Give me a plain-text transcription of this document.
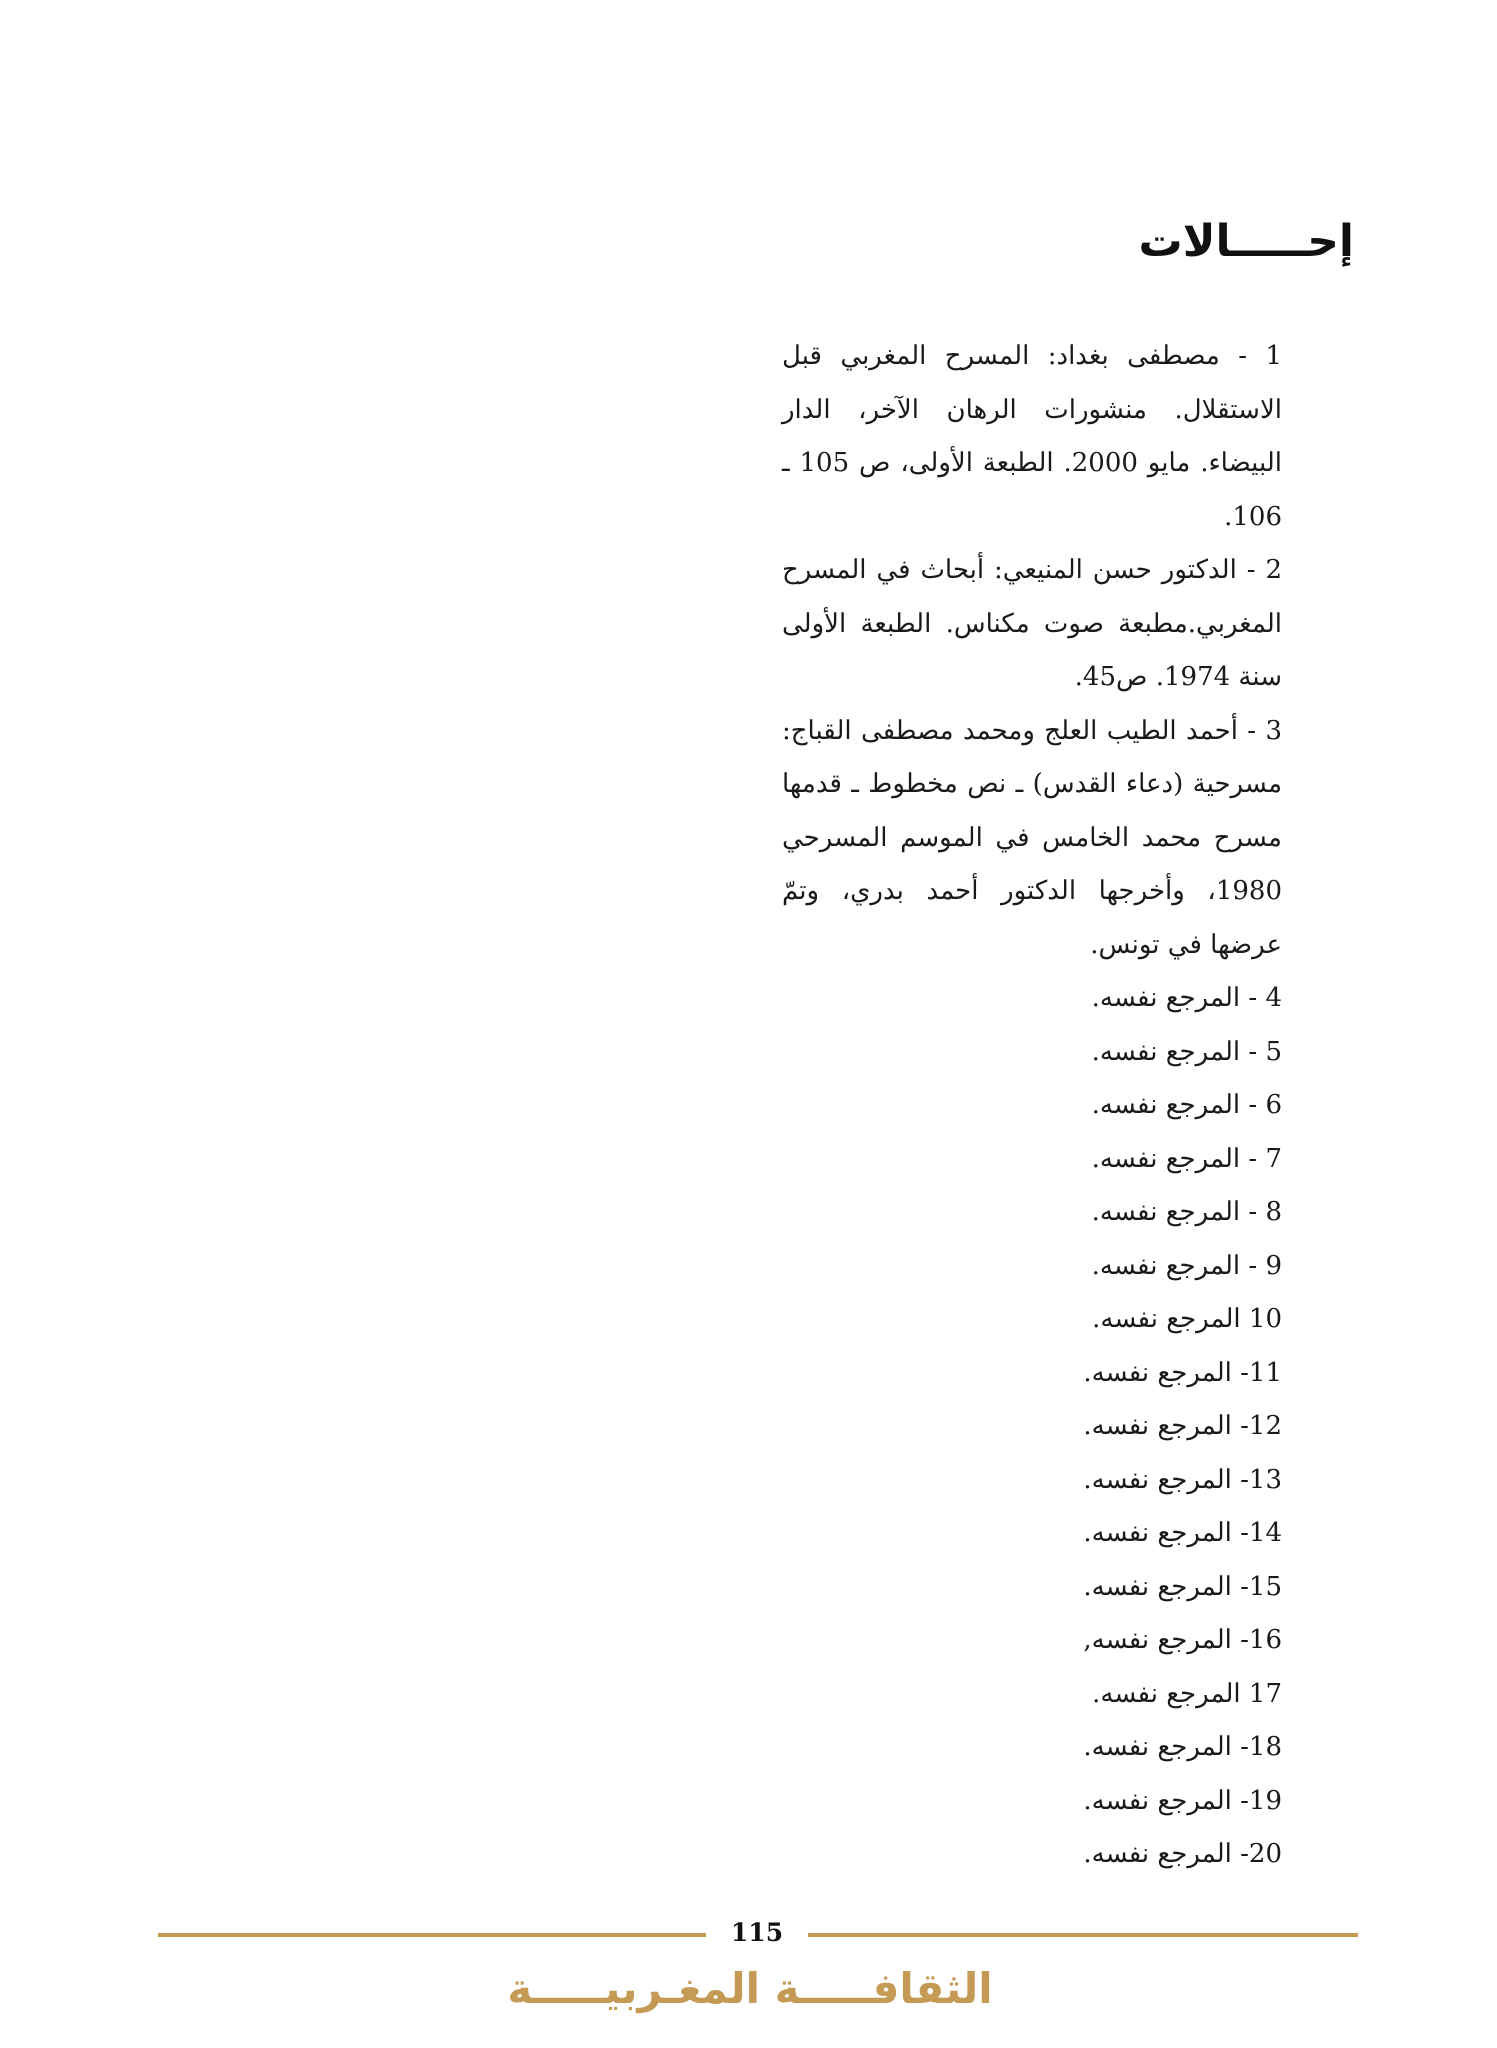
إحـــــالات
1 - مصطفى بغداد: المسرح المغربي قبل الاستقلال. منشورات الرهان الآخر، الدار البيضاء. مايو 2000. الطبعة الأولى، ص 105 ـ 106.
2 - الدكتور حسن المنيعي: أبحاث في المسرح المغربي.مطبعة صوت مكناس. الطبعة الأولى سنة 1974. ص45.
3 - أحمد الطيب العلج ومحمد مصطفى القباج: مسرحية (دعاء القدس) ـ نص مخطوط ـ قدمها مسرح محمد الخامس في الموسم المسرحي 1980، وأخرجها الدكتور أحمد بدري، وتمّ عرضها في تونس.
4 - المرجع نفسه.
5 - المرجع نفسه.
6 - المرجع نفسه.
7 - المرجع نفسه.
8 - المرجع نفسه.
9 - المرجع نفسه.
10 المرجع نفسه.
11- المرجع نفسه.
12- المرجع نفسه.
13- المرجع نفسه.
14- المرجع نفسه.
15- المرجع نفسه.
16- المرجع نفسه,
17 المرجع نفسه.
18- المرجع نفسه.
19- المرجع نفسه.
20- المرجع نفسه.
115
الثقافـــــة المغـربيـــــة
